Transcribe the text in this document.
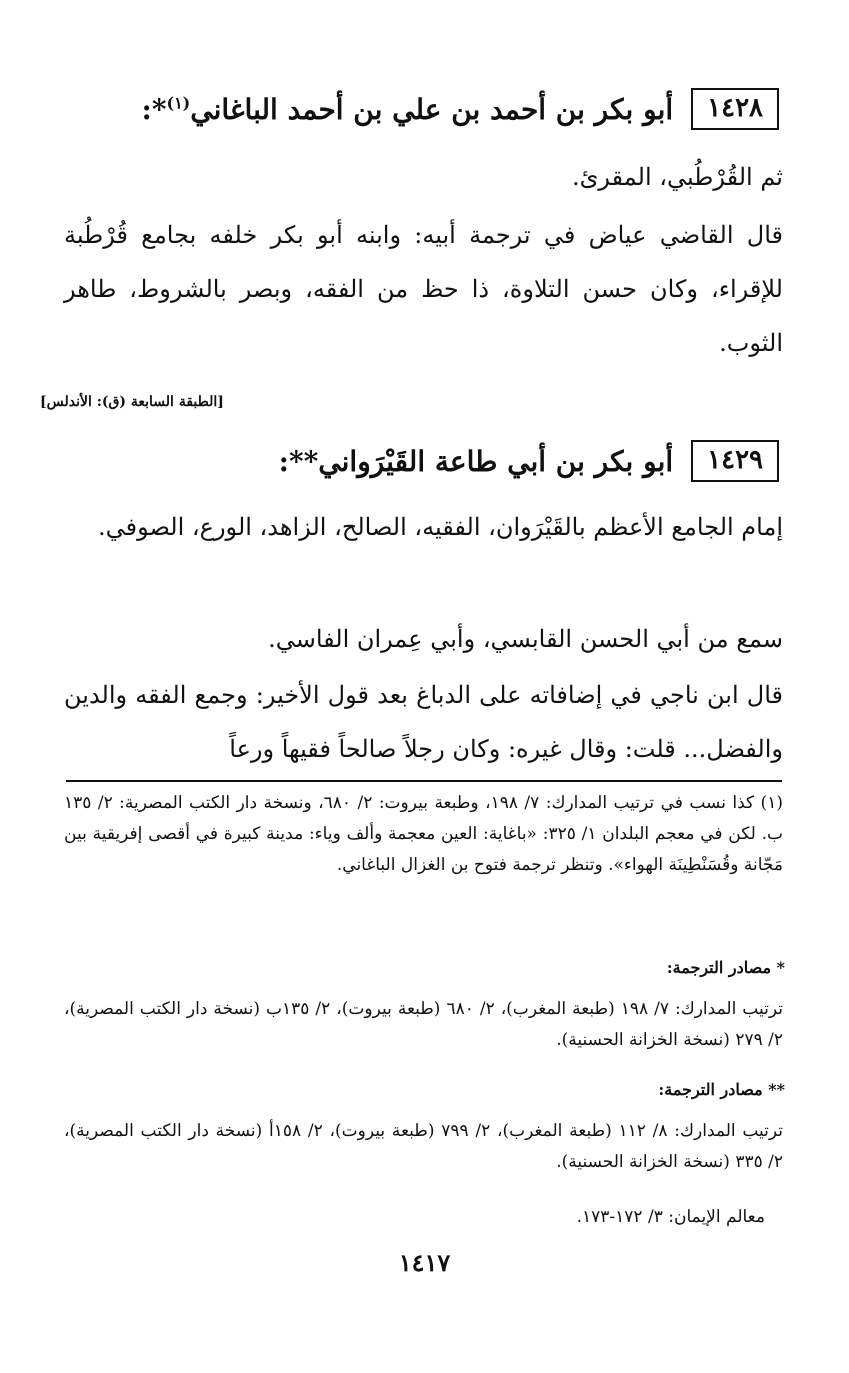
١٤٢٨
أبو بكر بن أحمد بن علي بن أحمد الباغاني$^{(١)}$*:

ثم القُرْطُبي، المقرئ.

قال القاضي عياض في ترجمة أبيه: وابنه أبو بكر خلفه بجامع قُرْطُبة للإقراء، وكان حسن التلاوة، ذا حظ من الفقه، وبصر بالشروط، طاهر الثوب.

[الطبقة السابعة (ق): الأندلس]
١٤٢٩
أبو بكر بن أبي طاعة القَيْرَواني**:

إمام الجامع الأعظم بالقَيْرَوان، الفقيه، الصالح، الزاهد، الورع، الصوفي.

سمع من أبي الحسن القابسي، وأبي عِمران الفاسي.

قال ابن ناجي في إضافاته على الدباغ بعد قول الأخير: وجمع الفقه والدين والفضل... قلت: وقال غيره: وكان رجلاً صالحاً فقيهاً ورعاً

(١) كذا نسب في ترتيب المدارك: ٧/ ١٩٨، وطبعة بيروت: ٢/ ٦٨٠، ونسخة دار الكتب المصرية: ٢/ ١٣٥ ب. لكن في معجم البلدان ١/ ٣٢٥: «باغاية: العين معجمة وألف وياء: مدينة كبيرة في أقصى إفريقية بين مَجّانة وقُسَنْطِينَة الهواء». وتنظر ترجمة فتوح بن الغزال الباغاني.

* مصادر الترجمة:

ترتيب المدارك: ٧/ ١٩٨ (طبعة المغرب)، ٢/ ٦٨٠ (طبعة بيروت)، ٢/ ١٣٥ب (نسخة دار الكتب المصرية)، ٢/ ٢٧٩ (نسخة الخزانة الحسنية).

** مصادر الترجمة:

ترتيب المدارك: ٨/ ١١٢ (طبعة المغرب)، ٢/ ٧٩٩ (طبعة بيروت)، ٢/ ١٥٨أ (نسخة دار الكتب المصرية)، ٢/ ٣٣٥ (نسخة الخزانة الحسنية).

معالم الإيمان: ٣/ ١٧٢-١٧٣.

١٤١٧
